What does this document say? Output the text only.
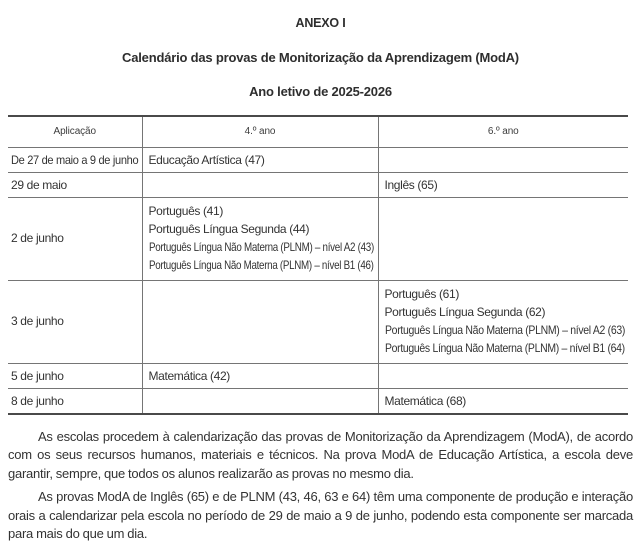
ANEXO I
Calendário das provas de Monitorização da Aprendizagem (ModA)
Ano letivo de 2025-2026
Aplicação	4.º ano	6.º ano

De 27 de maio a 9 de junho	Educação Artística (47)	

29 de maio		Inglês (65)

2 de junho	Português (41)
Português Língua Segunda (44)
Português Língua Não Materna (PLNM) – nível A2 (43)
Português Língua Não Materna (PLNM) – nível B1 (46)	

3 de junho		Português (61)
Português Língua Segunda (62)
Português Língua Não Materna (PLNM) – nível A2 (63)
Português Língua Não Materna (PLNM) – nível B1 (64)

5 de junho	Matemática (42)	

8 de junho		Matemática (68)

As escolas procedem à calendarização das provas de Monitorização da Aprendizagem (ModA), de acordo com os seus recursos humanos, materiais e técnicos. Na prova ModA de Educação Artística, a escola deve garantir, sempre, que todos os alunos realizarão as provas no mesmo dia.

As provas ModA de Inglês (65) e de PLNM (43, 46, 63 e 64) têm uma componente de produção e interação orais a calendarizar pela escola no período de 29 de maio a 9 de junho, podendo esta componente ser marcada para mais do que um dia.
